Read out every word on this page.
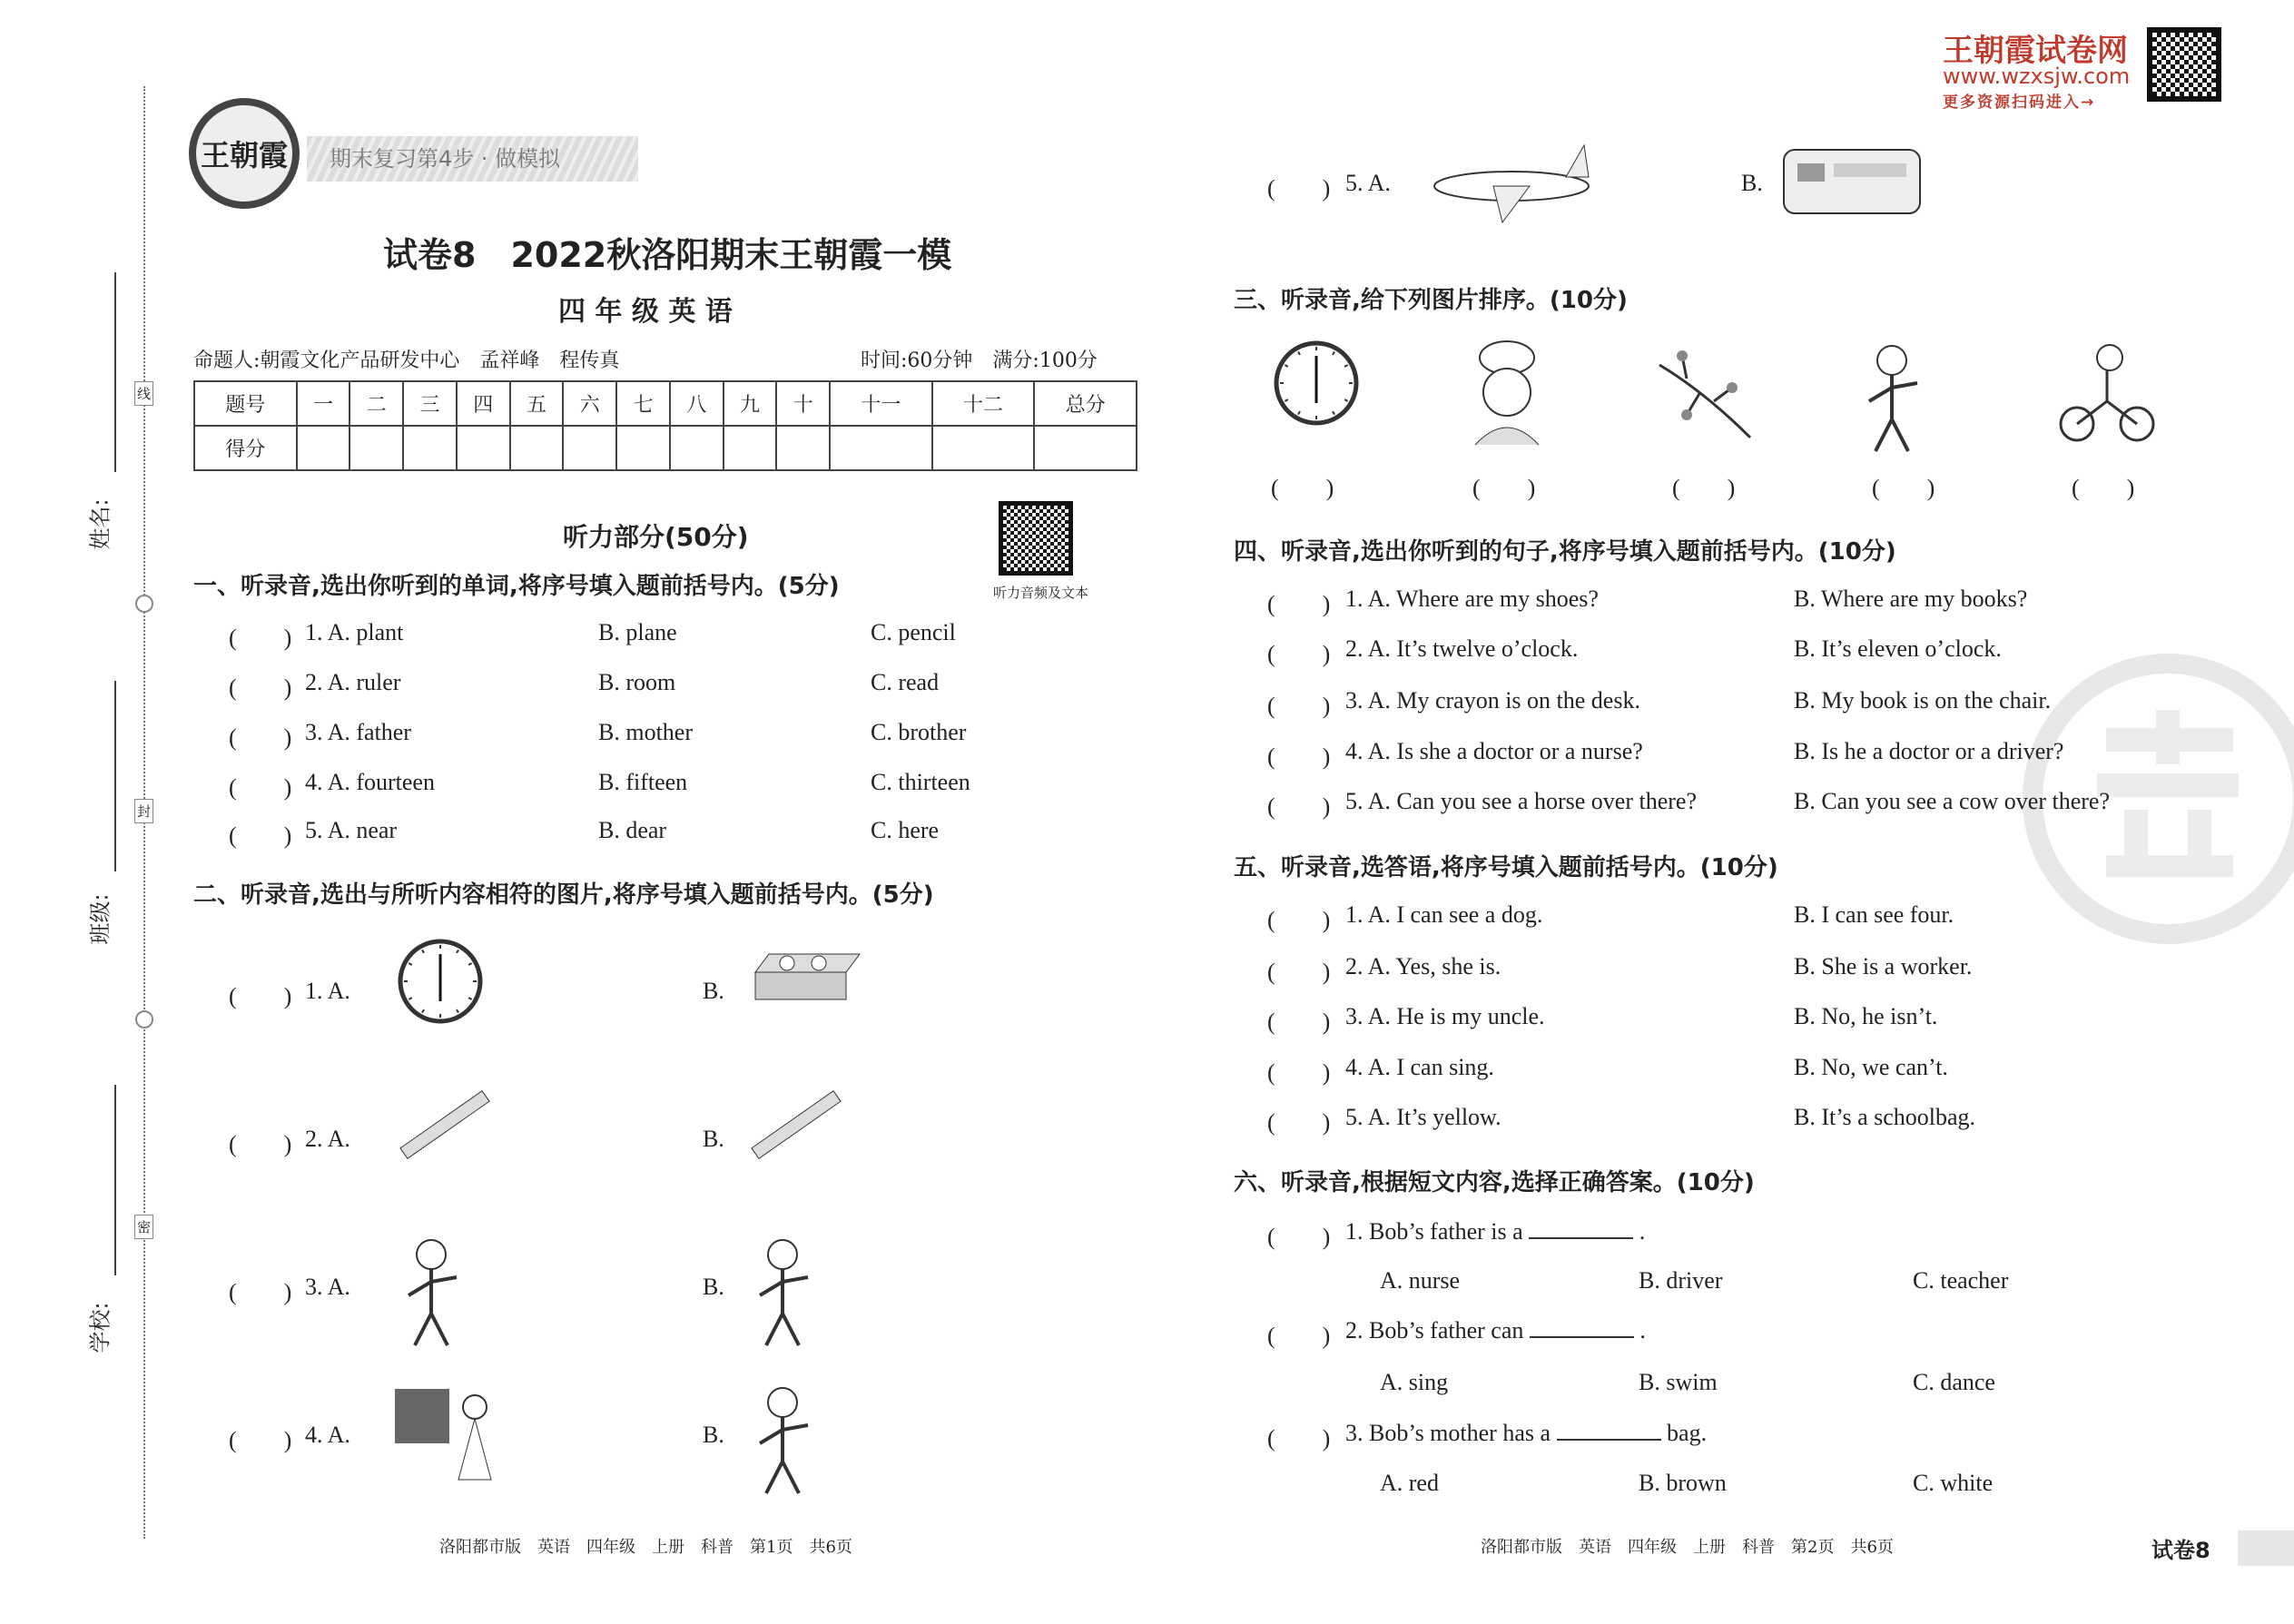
线
封
密
姓名:
班级:
学校:
王朝霞	期末复习第4步 · 做模拟
王朝霞试卷网
www.wzxsjw.com
更多资源扫码进入→
试卷8　2022秋洛阳期末王朝霞一模
四 年 级 英 语
命题人:朝霞文化产品研发中心　孟祥峰　程传真	时间:60分钟　满分:100分
题号	一	二	三	四	五	六	七	八	九	十	十一	十二	总分
得分													
听力部分(50分)
听力音频及文本
一、听录音,选出你听到的单词,将序号填入题前括号内。(5分)
(　　) 1. A. plant	B. plane	C. pencil
(　　) 2. A. ruler	B. room	C. read
(　　) 3. A. father	B. mother	C. brother
(　　) 4. A. fourteen	B. fifteen	C. thirteen
(　　) 5. A. near	B. dear	C. here
二、听录音,选出与所听内容相符的图片,将序号填入题前括号内。(5分)
(　　) 1. A.	B.
(　　) 2. A.	B.
(　　) 3. A.	B.
(　　) 4. A.	B.
(　　) 5. A.	B.
三、听录音,给下列图片排序。(10分)
(　　)	(　　)	(　　)	(　　)	(　　)
四、听录音,选出你听到的句子,将序号填入题前括号内。(10分)
(　　) 1. A. Where are my shoes?	B. Where are my books?
(　　) 2. A. It’s twelve o’clock.	B. It’s eleven o’clock.
(　　) 3. A. My crayon is on the desk.	B. My book is on the chair.
(　　) 4. A. Is she a doctor or a nurse?	B. Is he a doctor or a driver?
(　　) 5. A. Can you see a horse over there?	B. Can you see a cow over there?
五、听录音,选答语,将序号填入题前括号内。(10分)
(　　) 1. A. I can see a dog.	B. I can see four.
(　　) 2. A. Yes, she is.	B. She is a worker.
(　　) 3. A. He is my uncle.	B. No, he isn’t.
(　　) 4. A. I can sing.	B. No, we can’t.
(　　) 5. A. It’s yellow.	B. It’s a schoolbag.
六、听录音,根据短文内容,选择正确答案。(10分)
(　　) 1. Bob’s father is a	.
A. nurse	B. driver	C. teacher
(　　) 2. Bob’s father can	.
A. sing	B. swim	C. dance
(　　) 3. Bob’s mother has a	bag.
A. red	B. brown	C. white
洛阳都市版　英语　四年级　上册　科普　第1页　共6页	洛阳都市版　英语　四年级　上册　科普　第2页　共6页	试卷8
